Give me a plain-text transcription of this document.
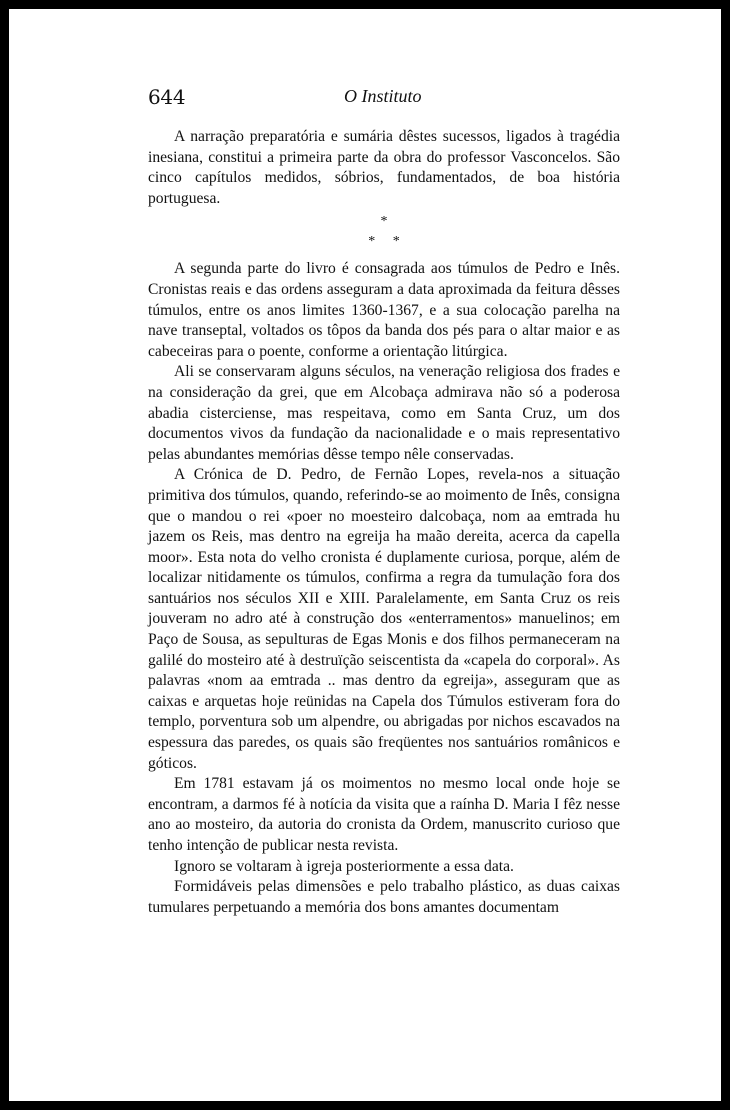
644	O Instituto

A narração preparatória e sumária dêstes sucessos, ligados à tragédia inesiana, constitui a primeira parte da obra do professor Vasconcelos. São cinco capítulos medidos, sóbrios, fundamentados, de boa história portuguesa.

*
* *

A segunda parte do livro é consagrada aos túmulos de Pedro e Inês. Cronistas reais e das ordens asseguram a data aproximada da feitura dêsses túmulos, entre os anos limites 1360-1367, e a sua colocação parelha na nave transeptal, voltados os tôpos da banda dos pés para o altar maior e as cabeceiras para o poente, conforme a orientação litúrgica.

Ali se conservaram alguns séculos, na veneração religiosa dos frades e na consideração da grei, que em Alcobaça admirava não só a poderosa abadia cisterciense, mas respeitava, como em Santa Cruz, um dos documentos vivos da fundação da nacionalidade e o mais representativo pelas abundantes memórias dêsse tempo nêle conservadas.

A Crónica de D. Pedro, de Fernão Lopes, revela-nos a situação primitiva dos túmulos, quando, referindo-se ao moimento de Inês, consigna que o mandou o rei «poer no moesteiro dalcobaça, nom aa emtrada hu jazem os Reis, mas dentro na egreija ha maão dereita, acerca da capella moor». Esta nota do velho cronista é duplamente curiosa, porque, além de localizar nitidamente os túmulos, confirma a regra da tumulação fora dos santuários nos séculos XII e XIII. Paralelamente, em Santa Cruz os reis jouveram no adro até à construção dos «enterramentos» manuelinos; em Paço de Sousa, as sepulturas de Egas Monis e dos filhos permaneceram na galilé do mosteiro até à destruïção seiscentista da «capela do corporal». As palavras «nom aa emtrada .. mas dentro da egreija», asseguram que as caixas e arquetas hoje reünidas na Capela dos Túmulos estiveram fora do templo, porventura sob um alpendre, ou abrigadas por nichos escavados na espessura das paredes, os quais são freqüentes nos santuários românicos e góticos.

Em 1781 estavam já os moimentos no mesmo local onde hoje se encontram, a darmos fé à notícia da visita que a raínha D. Maria I fêz nesse ano ao mosteiro, da autoria do cronista da Ordem, manuscrito curioso que tenho intenção de publicar nesta revista.

Ignoro se voltaram à igreja posteriormente a essa data.

Formidáveis pelas dimensões e pelo trabalho plástico, as duas caixas tumulares perpetuando a memória dos bons amantes documentam
